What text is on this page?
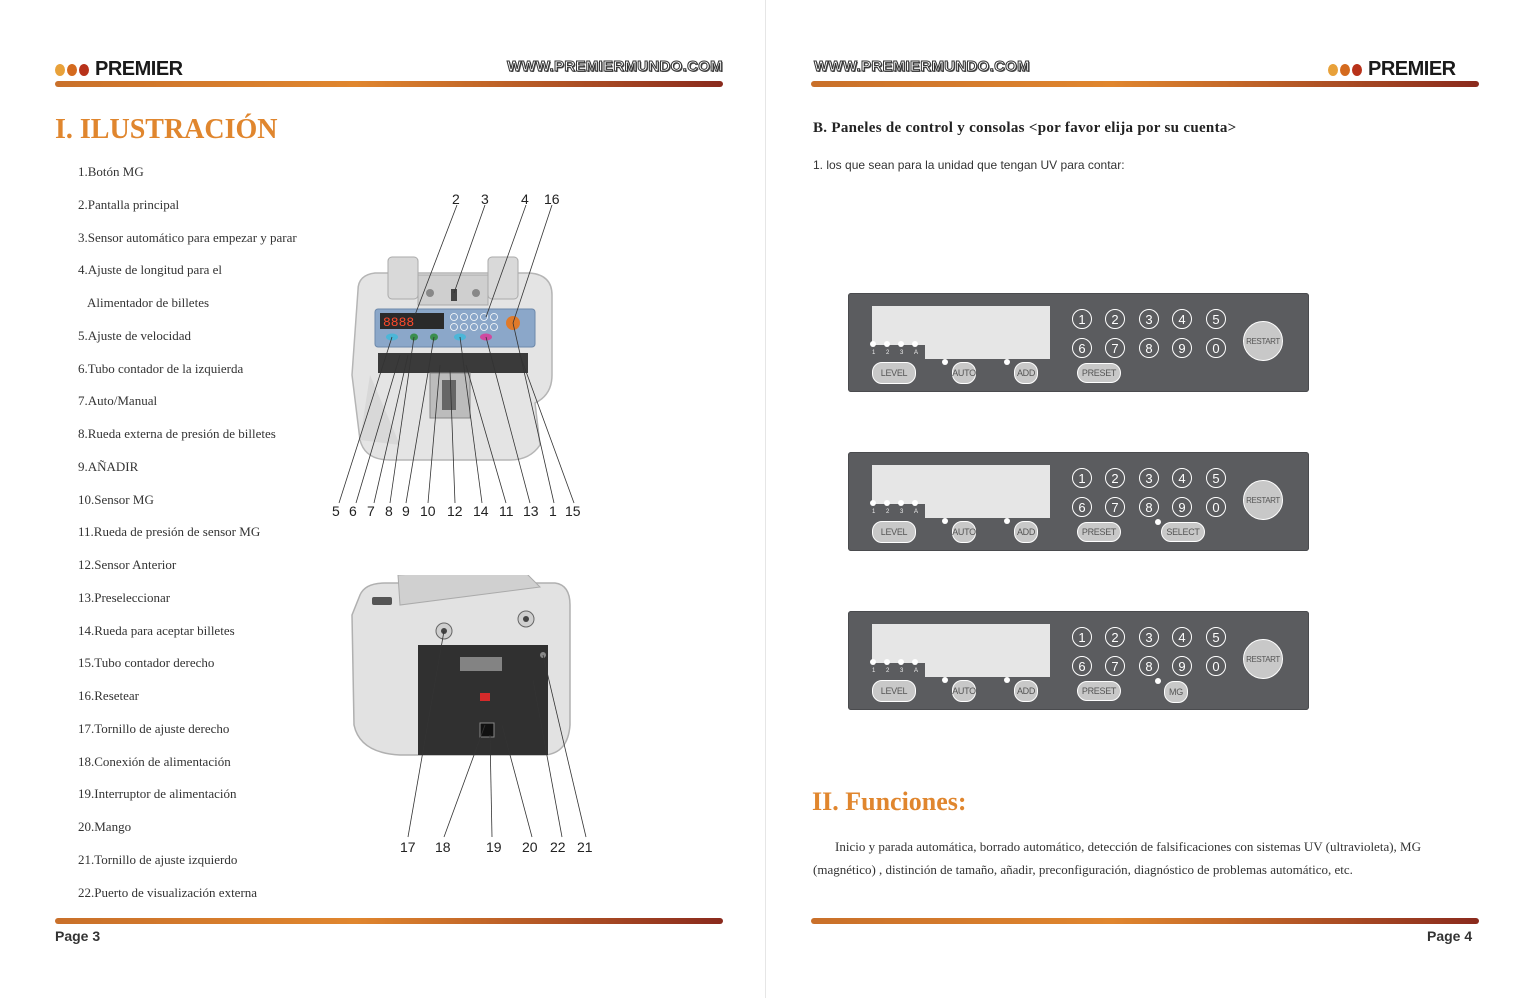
PREMIER	WWW.PREMIERMUNDO.COM
I. ILUSTRACIÓN
1.Botón MG
2.Pantalla principal
3.Sensor automático para empezar y parar
4.Ajuste de longitud para el
Alimentador de billetes
5.Ajuste de velocidad
6.Tubo contador de la izquierda
7.Auto/Manual
8.Rueda externa de presión de billetes
9.AÑADIR
10.Sensor MG
11.Rueda de presión de sensor MG
12.Sensor Anterior
13.Preseleccionar
14.Rueda para aceptar billetes
15.Tubo contador derecho
16.Resetear
17.Tornillo de ajuste derecho
18.Conexión de alimentación
19.Interruptor de alimentación
20.Mango
21.Tornillo de ajuste izquierdo
22.Puerto de visualización externa
2 3 4 16
8888
5 6 7 8 9 10 12 14 11 13 1 15
17 18	19 20 22 21
Page 3
WWW.PREMIERMUNDO.COM	PREMIER
B. Paneles de control y consolas <por favor elija por su cuenta>
1. los que sean para la unidad que tengan UV para contar:
1 2 3 A
LEVEL	AUTO	ADD	PRESET
1	2	3	4	5
6	7	8	9	0	RESTART
1 2 3 A
LEVEL	AUTO	ADD	PRESET	SELECT
1	2	3	4	5
6	7	8	9	0	RESTART
1 2 3 A
LEVEL	AUTO	ADD	PRESET	MG
1	2	3	4	5
6	7	8	9	0	RESTART
II. Funciones:

Inicio y parada automática, borrado automático, detección de falsificaciones con sistemas UV (ultravioleta), MG (magnético) , distinción de tamaño, añadir, preconfiguración, diagnóstico de problemas automático, etc.

Page 4
